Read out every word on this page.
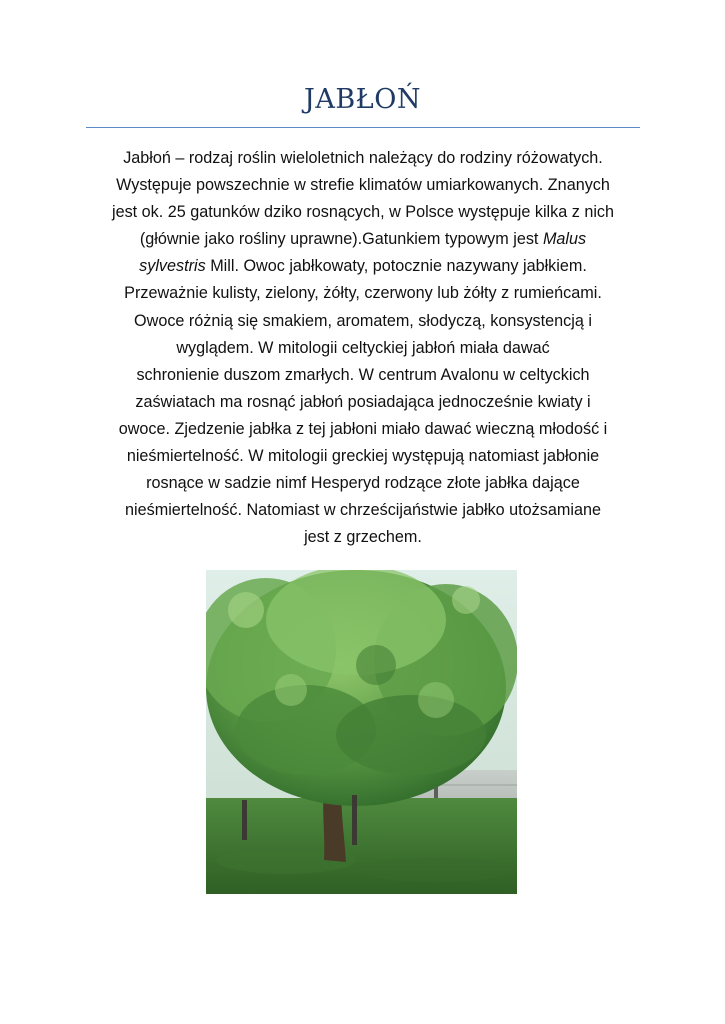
JABŁOŃ
Jabłoń – rodzaj roślin wieloletnich należący do rodziny różowatych.
Występuje powszechnie w strefie klimatów umiarkowanych. Znanych
jest ok. 25 gatunków dziko rosnących, w Polsce występuje kilka z nich
(głównie jako rośliny uprawne).Gatunkiem typowym jest Malus
sylvestris Mill. Owoc jabłkowaty, potocznie nazywany jabłkiem.
Przeważnie kulisty, zielony, żółty, czerwony lub żółty z rumieńcami.
Owoce różnią się smakiem, aromatem, słodyczą, konsystencją i
wyglądem. W mitologii celtyckiej jabłoń miała dawać
schronienie duszom zmarłych. W centrum Avalonu w celtyckich
zaświatach ma rosnąć jabłoń posiadająca jednocześnie kwiaty i
owoce. Zjedzenie jabłka z tej jabłoni miało dawać wieczną młodość i
nieśmiertelność. W mitologii greckiej występują natomiast jabłonie
rosnące w sadzie nimf Hesperyd rodzące złote jabłka dające
nieśmiertelność. Natomiast w chrześcijaństwie jabłko utożsamiane
jest z grzechem.
